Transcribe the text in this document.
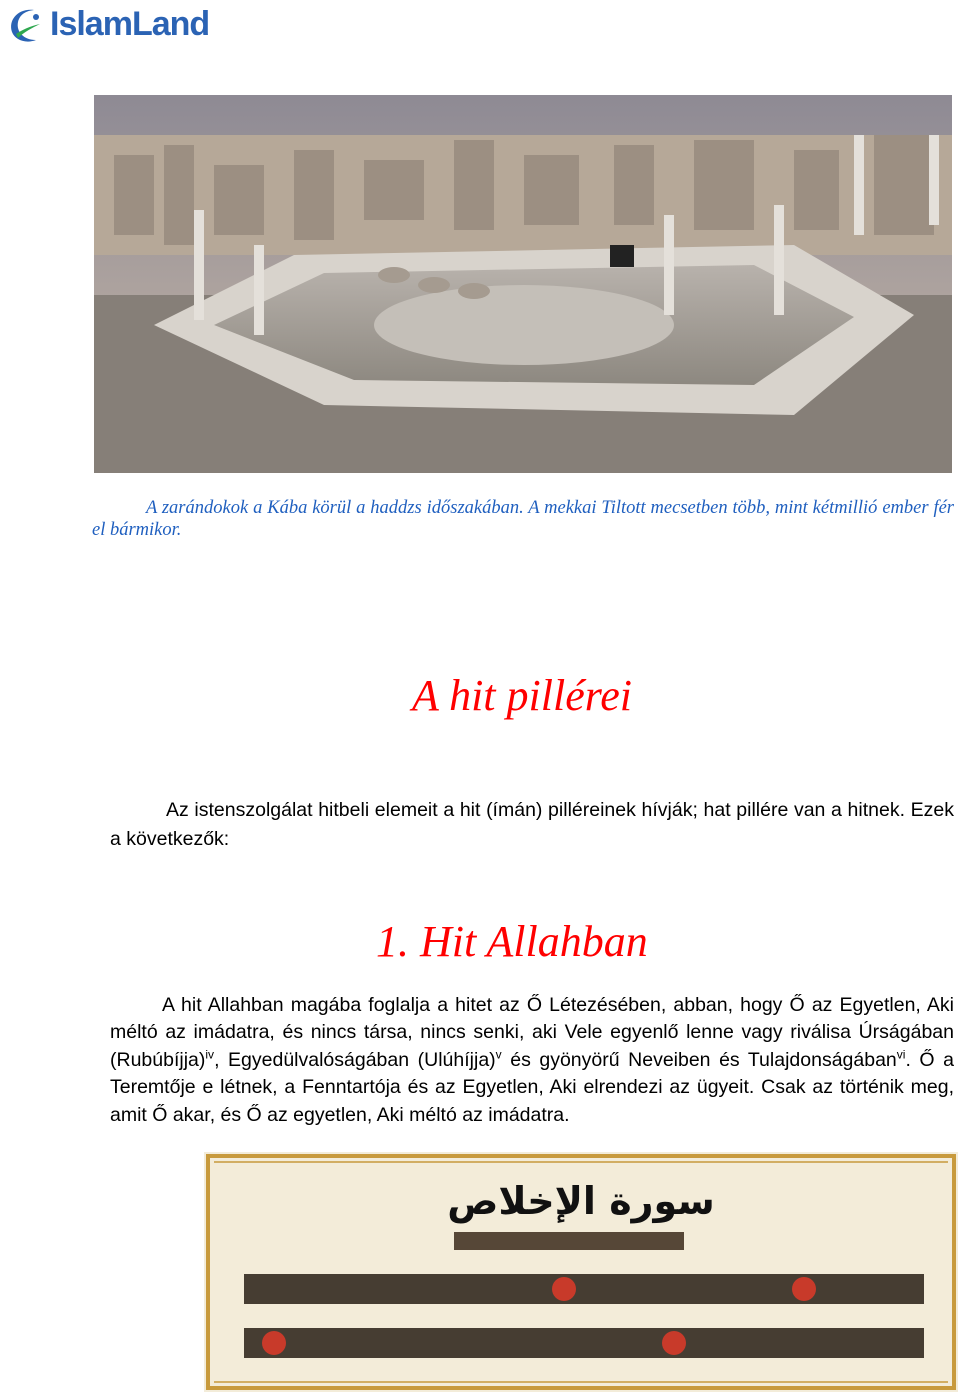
IslamLand
A zarándokok a Kába körül a haddzs időszakában. A mekkai Tiltott mecsetben több, mint kétmillió ember fér el bármikor.
A hit pillérei

Az istenszolgálat hitbeli elemeit a hit (ímán) pilléreinek hívják; hat pillére van a hitnek. Ezek a következők:

1. Hit Allahban

A hit Allahban magába foglalja a hitet az Ő Létezésében, abban, hogy Ő az Egyetlen, Aki méltó az imádatra, és nincs társa, nincs senki, aki Vele egyenlő lenne vagy riválisa Úrságában (Rubúbíjja)$^{iv}$, Egyedülvalóságában (Ulúhíjja)$^v$ és gyönyörű Neveiben és Tulajdonságában$^{vi}$. Ő a Teremtője e létnek, a Fenntartója és az Egyetlen, Aki elrendezi az ügyeit. Csak az történik meg, amit Ő akar, és Ő az egyetlen, Aki méltó az imádatra.

سورة الإخلاص
